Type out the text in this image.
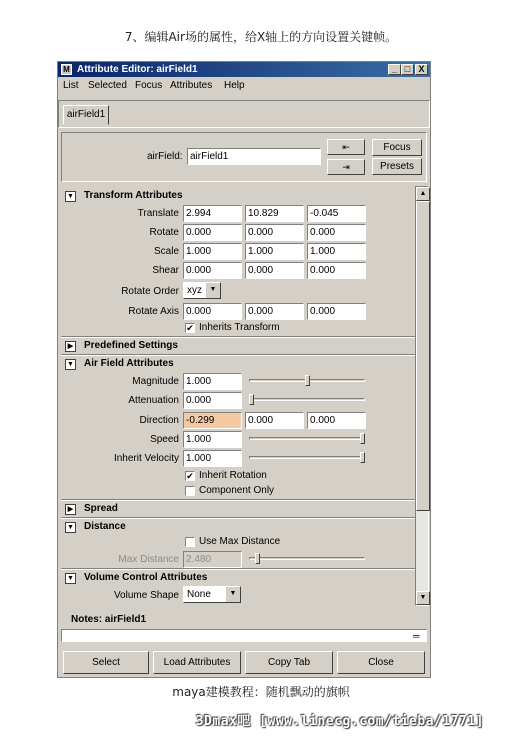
7、编辑Air场的属性，给X轴上的方向设置关键帧。
M Attribute Editor: airField1	_ □ X
List Selected Focus Attributes Help
airField1
airField: airField1
⇤
⇥
Focus
Presets
▼ Transform Attributes
Translate 2.994	10.829	-0.045
Rotate 0.000	0.000	0.000
Scale 1.000	1.000	1.000
Shear 0.000	0.000	0.000
Rotate Order xyz	▼
Rotate Axis 0.000	0.000	0.000
✔ Inherits Transform
▶ Predefined Settings
▼ Air Field Attributes
Magnitude 1.000
Attenuation 0.000
Direction -0.299	0.000	0.000
Speed 1.000
Inherit Velocity 1.000
✔ Inherit Rotation
Component Only
▶ Spread
▼ Distance
Use Max Distance
Max Distance 2.480
▼ Volume Control Attributes
Volume Shape None	▼
▲
▼
Notes: airField1
═
Select	Load Attributes	Copy Tab	Close
maya建模教程：随机飘动的旗帜
3Dmax吧 [www.linecg.com/tieba/1771]
